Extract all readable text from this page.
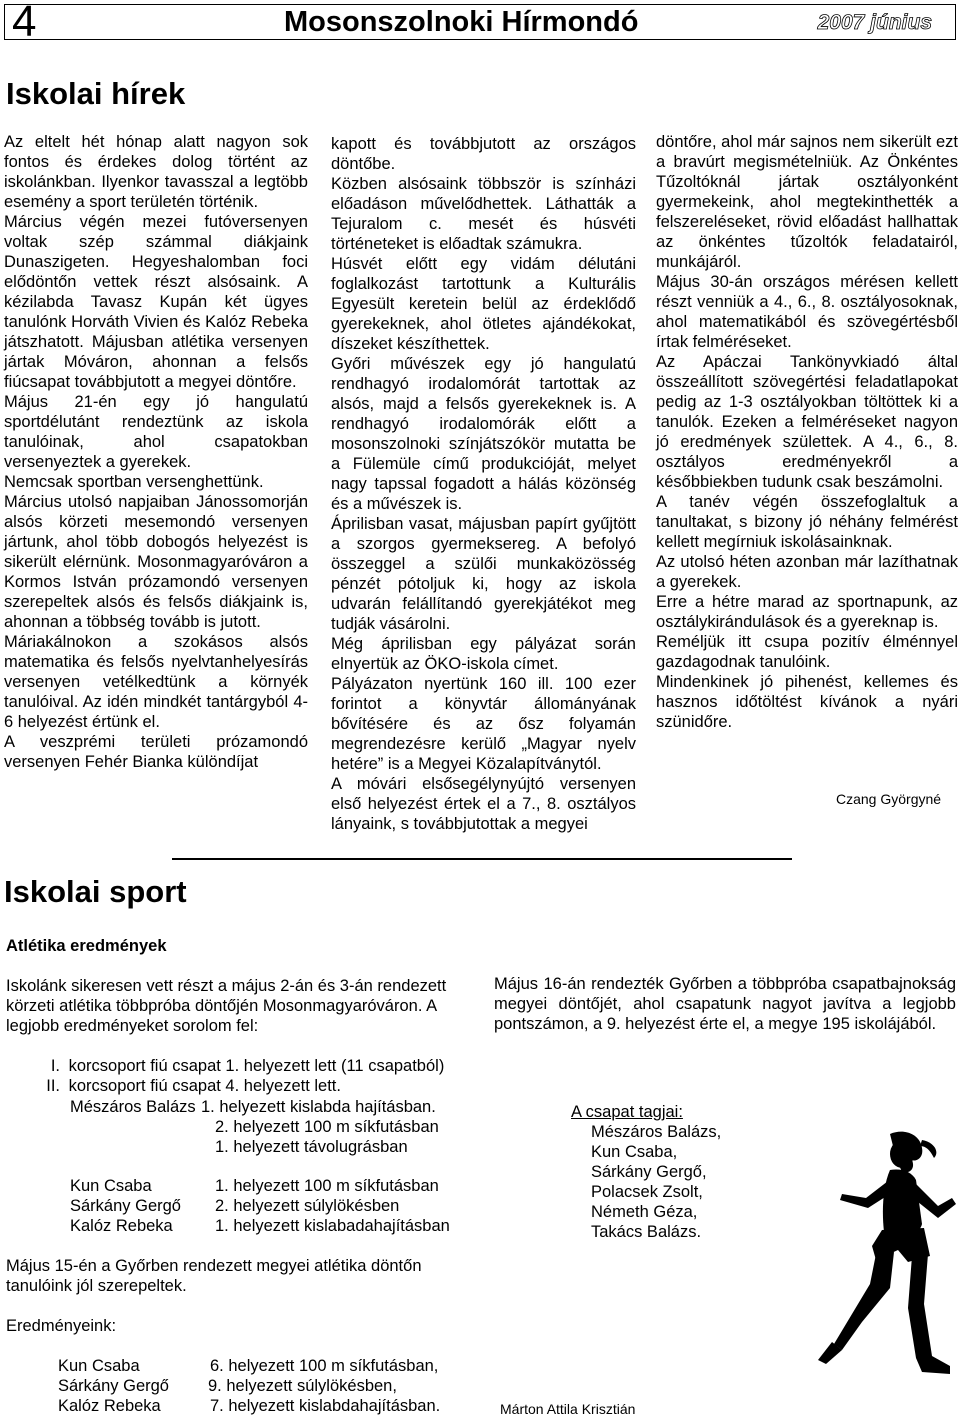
4	Mosonszolnoki Hírmondó	2007 június
Iskolai hírek

Az eltelt hét hónap alatt nagyon sok fontos és érdekes dolog történt az iskolánkban. Ilyenkor tavasszal a legtöbb esemény a sport területén történik.

Március végén mezei futóversenyen voltak szép számmal diákjaink Dunaszigeten. Hegyeshalomban foci elődöntőn vettek részt alsósaink. A kézilabda Tavasz Kupán két ügyes tanulónk Horváth Vivien és Kalóz Rebeka játszhatott. Májusban atlétika versenyen jártak Móváron, ahonnan a felsős fiúcsapat továbbjutott a megyei döntőre.

Május 21-én egy jó hangulatú sportdélutánt rendeztünk az iskola tanulóinak, ahol csapatokban versenyeztek a gyerekek.

Nemcsak sportban versenghettünk.

Március utolsó napjaiban Jánossomorján alsós körzeti mesemondó versenyen jártunk, ahol több dobogós helyezést is sikerült elérnünk. Mosonmagyaróváron a Kormos István prózamondó versenyen szerepeltek alsós és felsős diákjaink is, ahonnan a többség tovább is jutott.

Máriakálnokon a szokásos alsós matematika és felsős nyelvtanhelyesírás versenyen vetélkedtünk a környék tanulóival. Az idén mindkét tantárgyból 4-6 helyezést értünk el.

A veszprémi területi prózamondó versenyen Fehér Bianka különdíjat

kapott és továbbjutott az országos döntőbe.

Közben alsósaink többször is színházi előadáson művelődhettek. Láthatták a Tejuralom c. mesét és húsvéti történeteket is előadtak számukra.

Húsvét előtt egy vidám délutáni foglalkozást tartottunk a Kulturális Egyesült keretein belül az érdeklődő gyerekeknek, ahol ötletes ajándékokat, díszeket készíthettek.

Győri művészek egy jó hangulatú rendhagyó irodalomórát tartottak az alsós, majd a felsős gyerekeknek is. A rendhagyó irodalomórák előtt a mosonszolnoki színjátszókör mutatta be a Fülemüle című produkcióját, melyet nagy tapssal fogadott a hálás közönség és a művészek is.

Áprilisban vasat, májusban papírt gyűjtött a szorgos gyermeksereg. A befolyó összeggel a szülői munkaközösség pénzét pótoljuk ki, hogy az iskola udvarán felállítandó gyerekjátékot meg tudják vásárolni.

Még áprilisban egy pályázat során elnyertük az ÖKO-iskola címet.

Pályázaton nyertünk 160 ill. 100 ezer forintot a könyvtár állományának bővítésére és az ősz folyamán megrendezésre kerülő „Magyar nyelv hetére” is a Megyei Közalapítványtól.

A móvári elsősegélynyújtó versenyen első helyezést értek el a 7., 8. osztályos lányaink, s továbbjutottak a megyei

döntőre, ahol már sajnos nem sikerült ezt a bravúrt megismételniük. Az Önkéntes Tűzoltóknál jártak osztályonként gyermekeink, ahol megtekinthették a felszereléseket, rövid előadást hallhattak az önkéntes tűzoltók feladatairól, munkájáról.

Május 30-án országos mérésen kellett részt venniük a 4., 6., 8. osztályosoknak, ahol matematikából és szövegértésből írtak felméréseket.

Az Apáczai Tankönyvkiadó által összeállított szövegértési feladatlapokat pedig az 1-3 osztályokban töltöttek ki a tanulók. Ezeken a felméréseket nagyon jó eredmények születtek. A 4., 6., 8. osztályos eredményekről a későbbiekben tudunk csak beszámolni.

A tanév végén összefoglaltuk a tanultakat, s bizony jó néhány felmérést kellett megírniuk iskolásainknak.

Az utolsó héten azonban már lazíthatnak a gyerekek.

Erre a hétre marad az sportnapunk, az osztálykirándulások és a gyereknap is.

Reméljük itt csupa pozitív élménnyel gazdagodnak tanulóink.

Mindenkinek jó pihenést, kellemes és hasznos időtöltést kívánok a nyári szünidőre.

Czang Györgyné
Iskolai sport
Atlétika eredmények
Iskolánk sikeresen vett részt a május 2-án és 3-án rendezett körzeti atlétika többpróba döntőjén Mosonmagyaróváron. A legjobb eredményeket sorolom fel:
I. korcsoport fiú csapat 1. helyezett lett (11 csapatból)
II. korcsoport fiú csapat 4. helyezett lett.
Mészáros Balázs 1. helyezett kislabda hajításban.
2. helyezett 100 m síkfutásban
1. helyezett távolugrásban
Kun Csaba	1. helyezett 100 m síkfutásban
Sárkány Gergő 2. helyezett súlylökésben
Kalóz Rebeka	1. helyezett kislabadahajításban
Május 15-én a Győrben rendezett megyei atlétika döntőn tanulóink jól szerepeltek.
Eredményeink:
Kun Csaba	6. helyezett 100 m síkfutásban,
Sárkány Gergő 9. helyezett súlylökésben,
Kalóz Rebeka	7. helyezett kislabdahajításban.
Május 16-án rendezték Győrben a többpróba csapatbajnokság megyei döntőjét, ahol csapatunk nagyot javítva a legjobb pontszámon, a 9. helyezést érte el, a megye 195 iskolájából.
A csapat tagjai:

Mészáros Balázs,

Kun Csaba,

Sárkány Gergő,

Polacsek Zsolt,

Németh Géza,

Takács Balázs.

Márton Attila Krisztián
